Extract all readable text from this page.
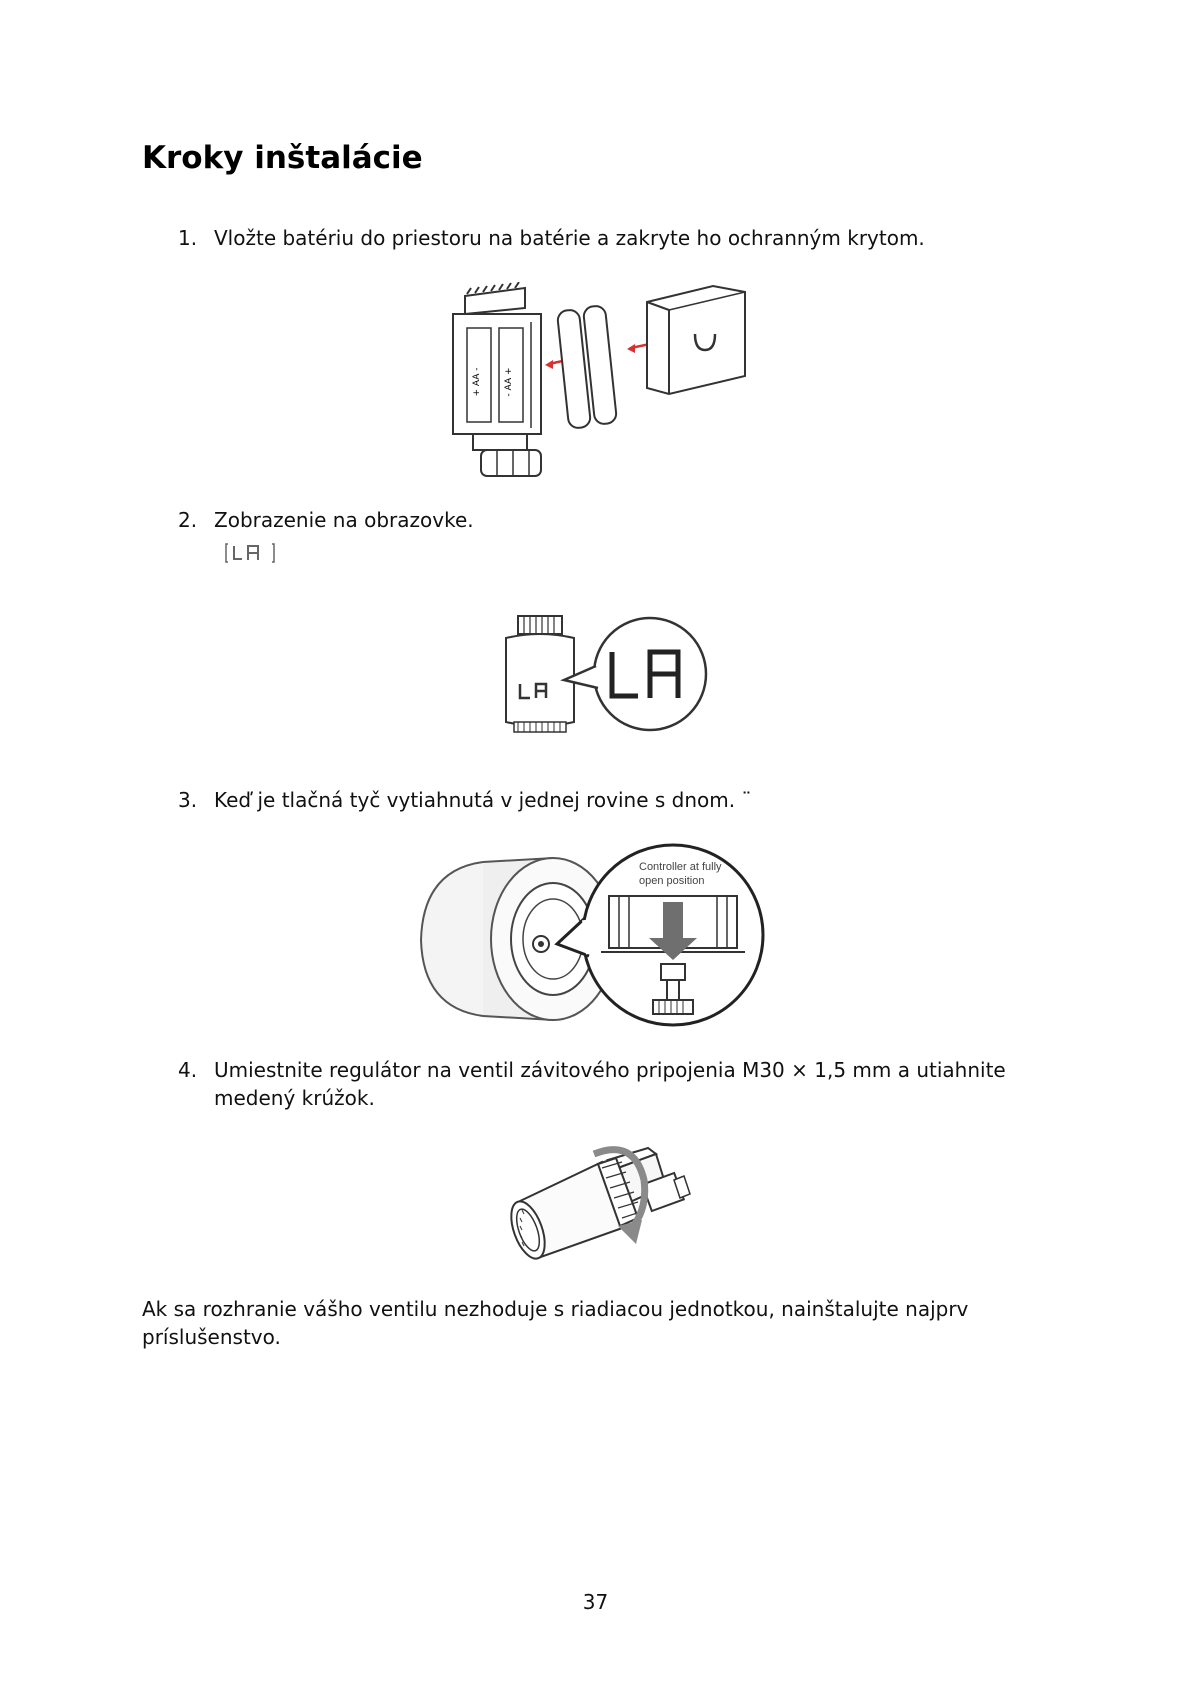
Kroky inštalácie
1. Vložte batériu do priestoru na batérie a zakryte ho ochranným krytom.
+ AA - - AA +
2. Zobrazenie na obrazovke.
3. Keď je tlačná tyč vytiahnutá v jednej rovine s dnom. ¨
Controller at fully
open position
4. Umiestnite regulátor na ventil závitového pripojenia M30 × 1,5 mm a utiahnite medený krúžok.
Ak sa rozhranie vášho ventilu nezhoduje s riadiacou jednotkou, nainštalujte najprv príslušenstvo.
37
